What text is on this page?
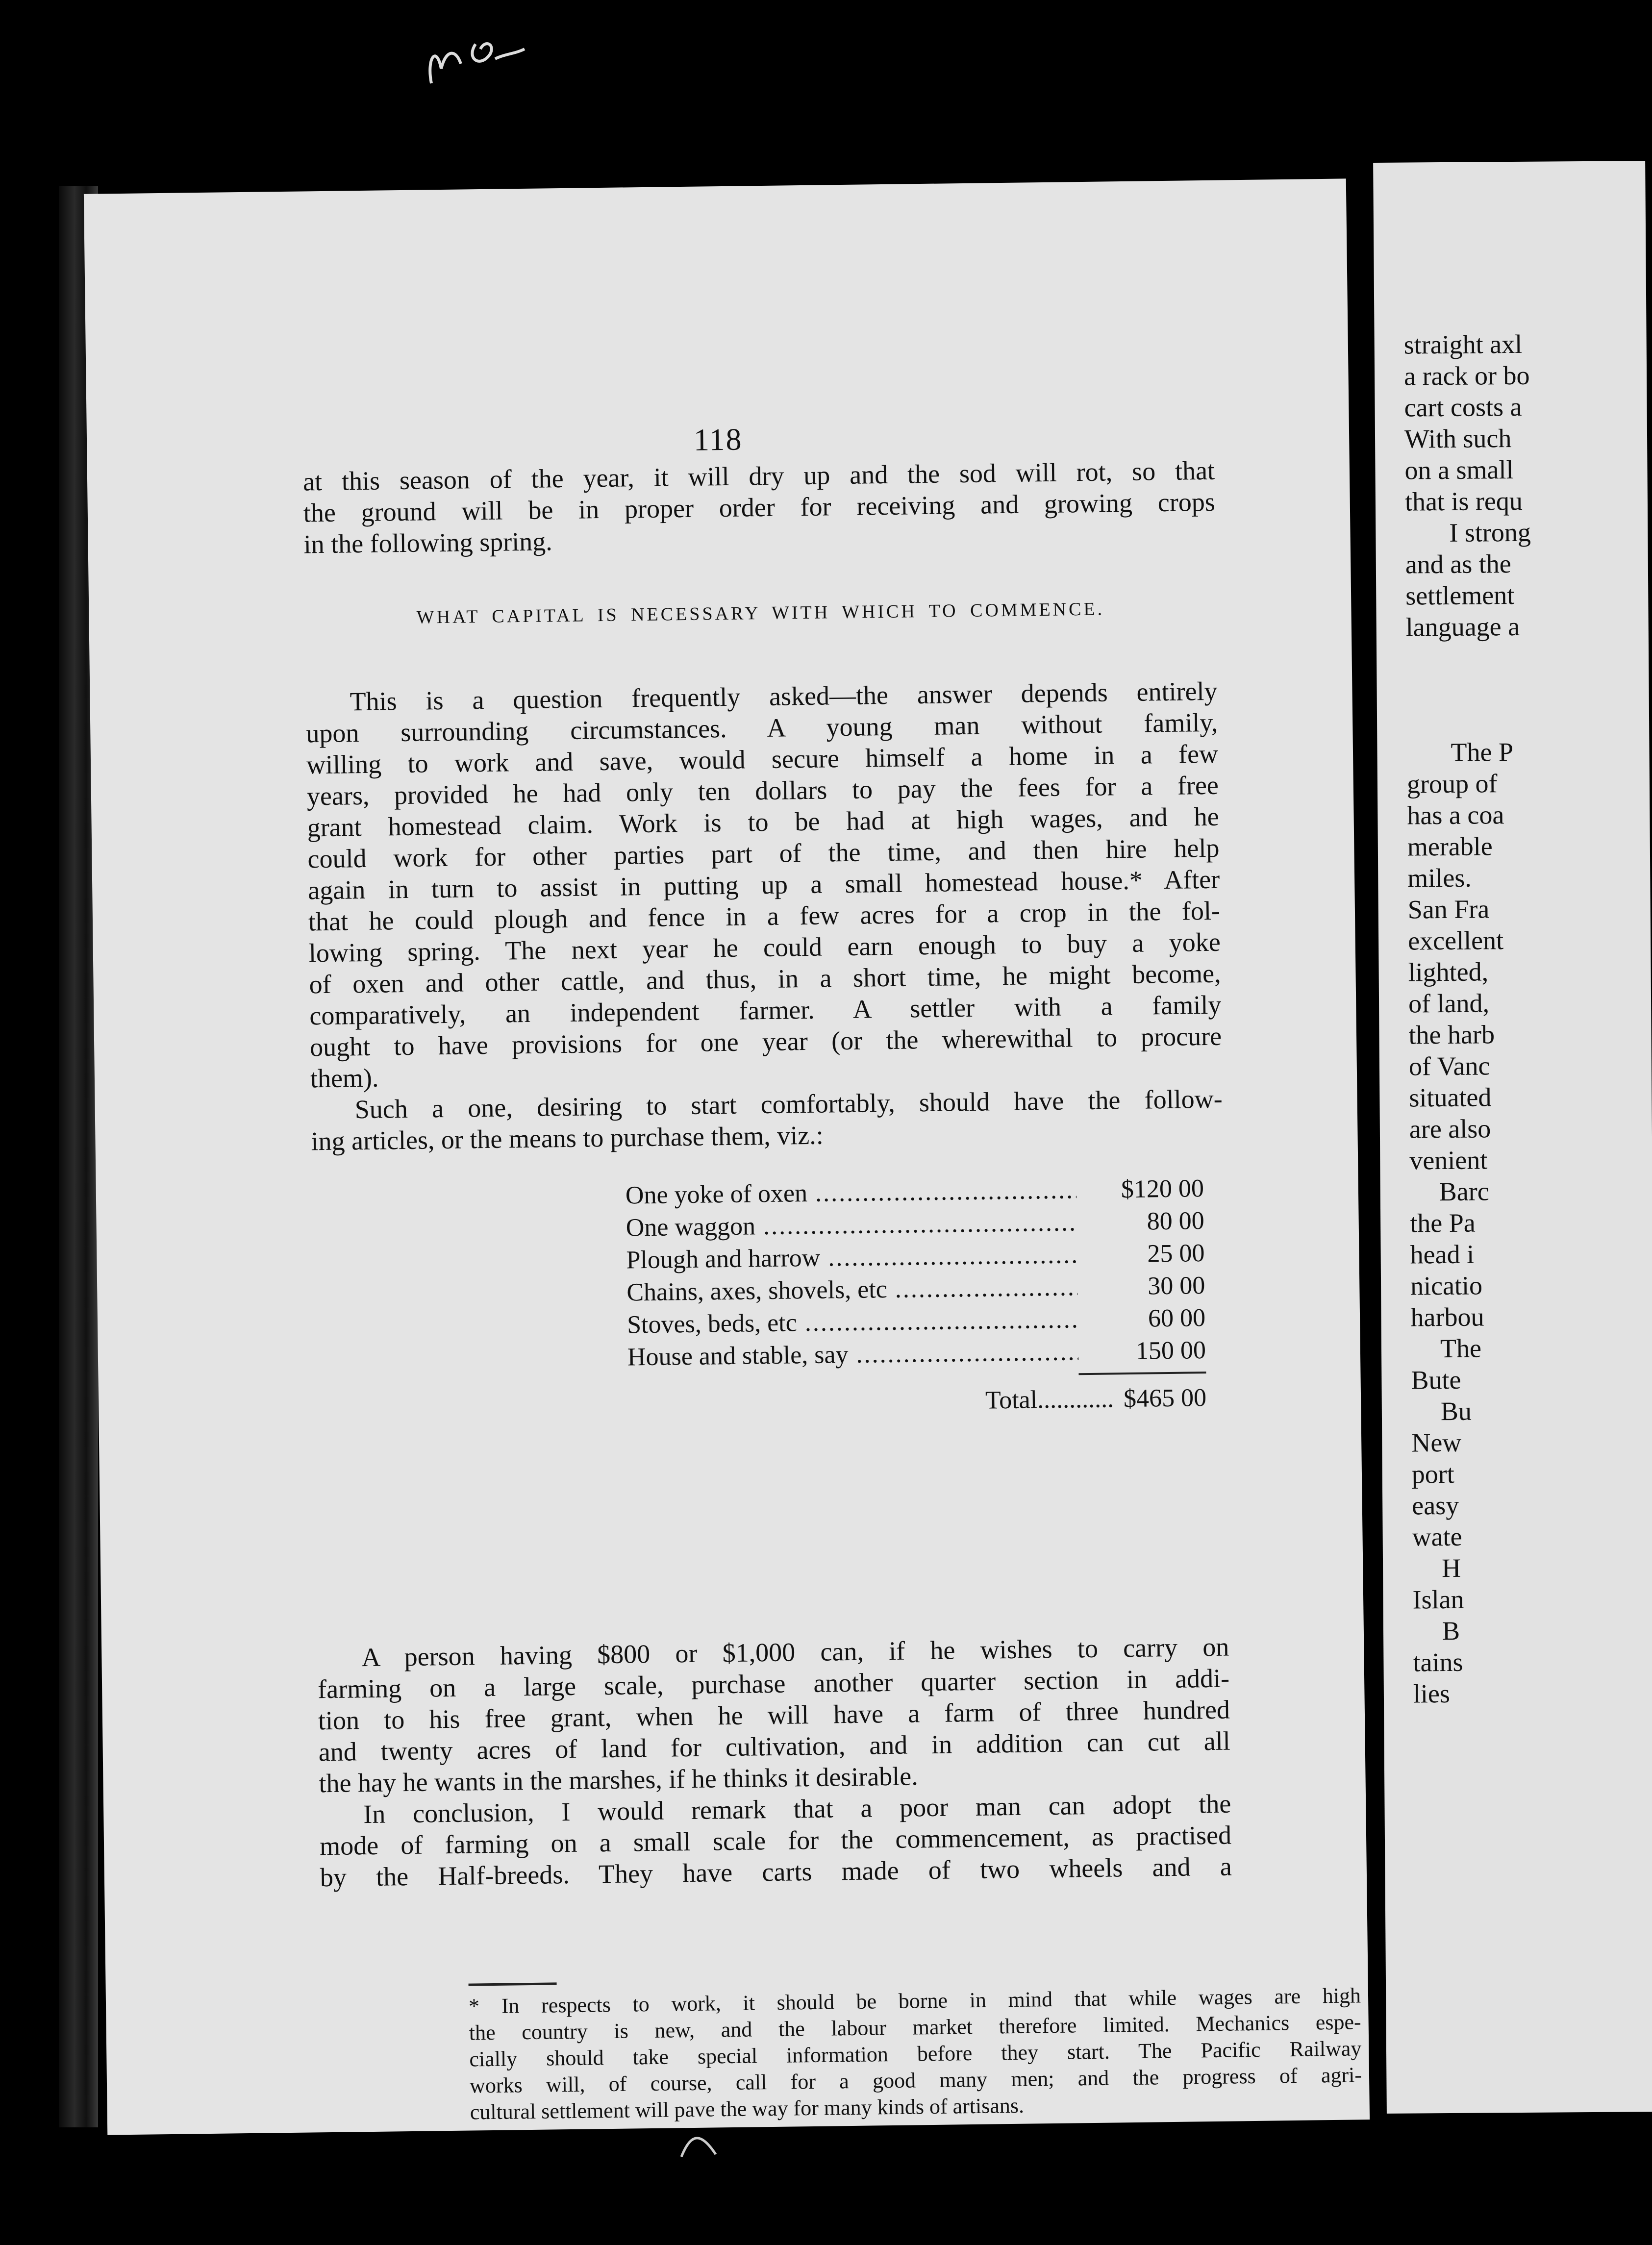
118
at this season of the year, it will dry up and the sod will rot, so that
the ground will be in proper order for receiving and growing crops
in the following spring.
WHAT CAPITAL IS NECESSARY WITH WHICH TO COMMENCE.
This is a question frequently asked—the answer depends entirely
upon surrounding circumstances. A young man without family,
willing to work and save, would secure himself a home in a few
years, provided he had only ten dollars to pay the fees for a free
grant homestead claim. Work is to be had at high wages, and he
could work for other parties part of the time, and then hire help
again in turn to assist in putting up a small homestead house.* After
that he could plough and fence in a few acres for a crop in the fol-
lowing spring. The next year he could earn enough to buy a yoke
of oxen and other cattle, and thus, in a short time, he might become,
comparatively, an independent farmer. A settler with a family
ought to have provisions for one year (or the wherewithal to procure
them).
Such a one, desiring to start comfortably, should have the follow-
ing articles, or the means to purchase them, viz.:
One yoke of oxen .....	$120 00
One waggon .....	80 00
Plough and harrow .....	25 00
Chains, axes, shovels, etc .....	30 00
Stoves, beds, etc .....	60 00
House and stable, say .....	150 00
Total............ $465 00
A person having $800 or $1,000 can, if he wishes to carry on
farming on a large scale, purchase another quarter section in addi-
tion to his free grant, when he will have a farm of three hundred
and twenty acres of land for cultivation, and in addition can cut all
the hay he wants in the marshes, if he thinks it desirable.
In conclusion, I would remark that a poor man can adopt the
mode of farming on a small scale for the commencement, as practised
by the Half-breeds. They have carts made of two wheels and a
* In respects to work, it should be borne in mind that while wages are high
the country is new, and the labour market therefore limited. Mechanics espe-
cially should take special information before they start. The Pacific Railway
works will, of course, call for a good many men; and the progress of agri-
cultural settlement will pave the way for many kinds of artisans.
straight axl
a rack or bo
cart costs a
With such
on a small
that is requ
I strong
and as the
settlement
language a

The P
group of
has a coa
merable
miles.
San Fra
excellent
lighted,
of land,
the harb
of Vanc
situated
are also
venient
Barc
the Pa
head i
nicatio
harbou
The
Bute
Bu
New
port
easy
wate
H
Islan
B
tains
lies
